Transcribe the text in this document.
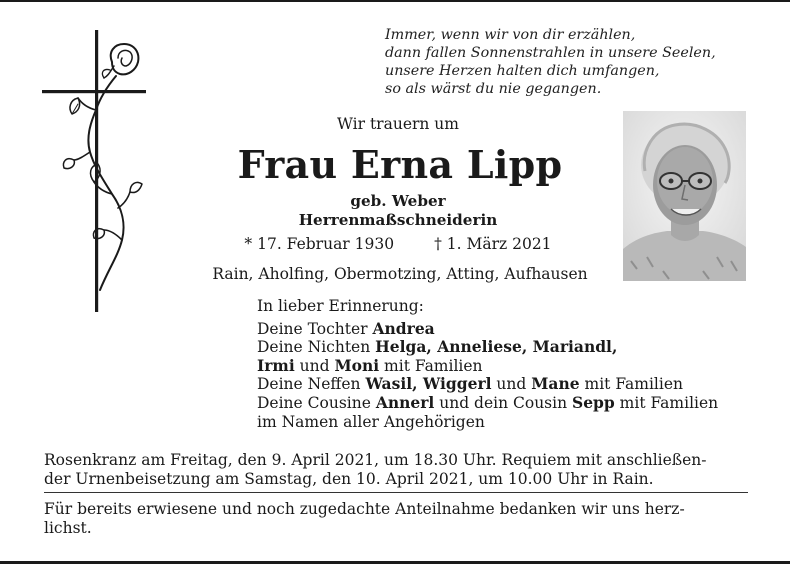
Immer, wenn wir von dir erzählen,
dann fallen Sonnenstrahlen in unsere Seelen,
unsere Herzen halten dich umfangen,
so als wärst du nie gegangen.
Wir trauern um
Frau Erna Lipp
geb. Weber
Herrenmaßschneiderin
* 17. Februar 1930	† 1. März 2021
Rain, Aholfing, Obermotzing, Atting, Aufhausen
In lieber Erinnerung:
Deine Tochter Andrea
Deine Nichten Helga, Anneliese, Mariandl,
Irmi und Moni mit Familien
Deine Neffen Wasil, Wiggerl und Mane mit Familien
Deine Cousine Annerl und dein Cousin Sepp mit Familien
im Namen aller Angehörigen
Rosenkranz am Freitag, den 9. April 2021, um 18.30 Uhr. Requiem mit anschließen-
der Urnenbeisetzung am Samstag, den 10. April 2021, um 10.00 Uhr in Rain.
Für bereits erwiesene und noch zugedachte Anteilnahme bedanken wir uns herz-
lichst.
